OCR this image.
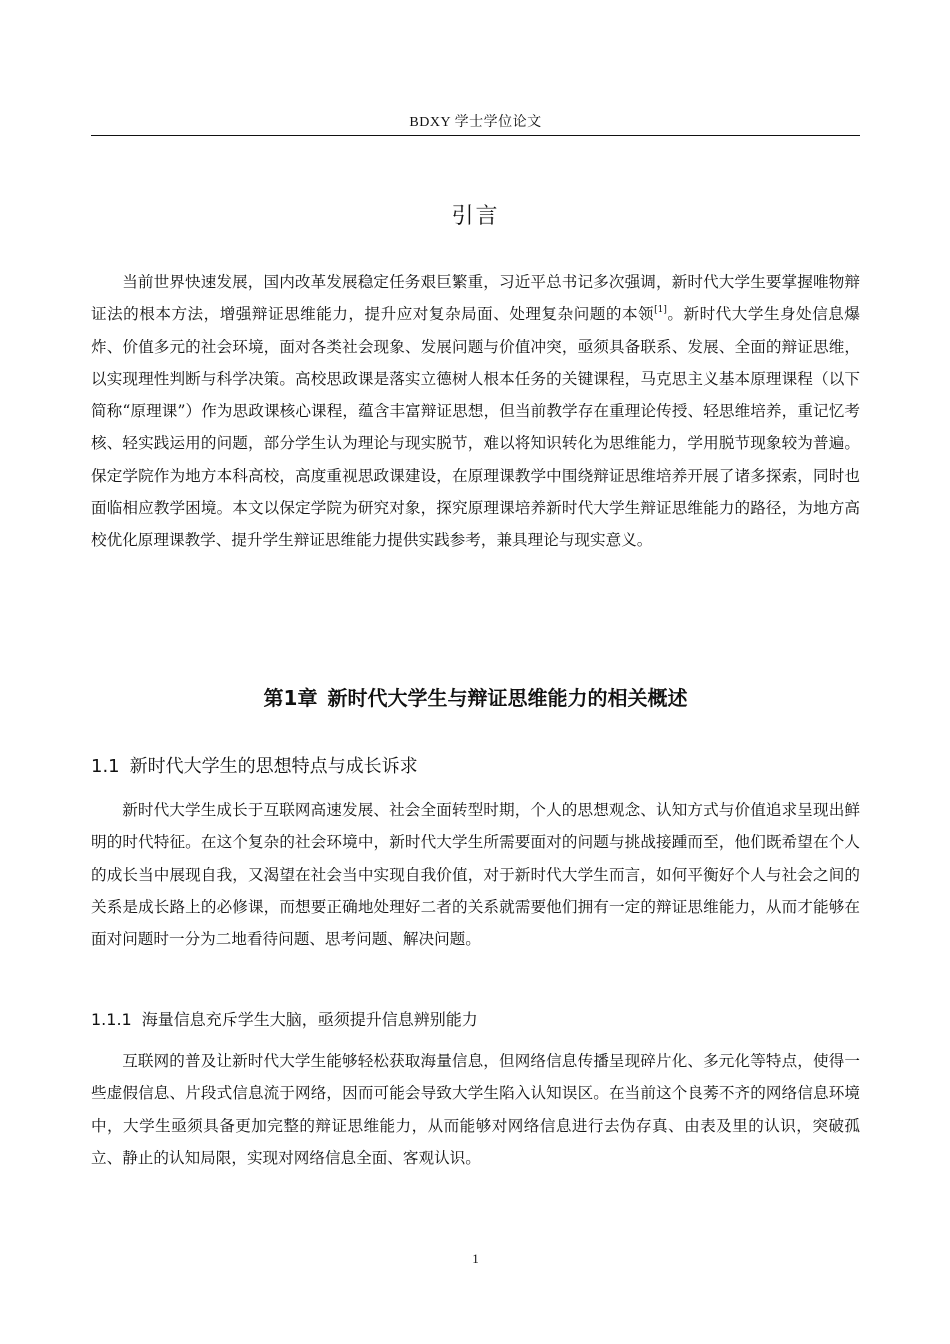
BDXY 学士学位论文
引言

当前世界快速发展，国内改革发展稳定任务艰巨繁重，习近平总书记多次强调，新时代大学生要掌握唯物辩证法的根本方法，增强辩证思维能力，提升应对复杂局面、处理复杂问题的本领[1]。新时代大学生身处信息爆炸、价值多元的社会环境，面对各类社会现象、发展问题与价值冲突，亟须具备联系、发展、全面的辩证思维，以实现理性判断与科学决策。高校思政课是落实立德树人根本任务的关键课程，马克思主义基本原理课程（以下简称“原理课”）作为思政课核心课程，蕴含丰富辩证思想，但当前教学存在重理论传授、轻思维培养，重记忆考核、轻实践运用的问题，部分学生认为理论与现实脱节，难以将知识转化为思维能力，学用脱节现象较为普遍。保定学院作为地方本科高校，高度重视思政课建设，在原理课教学中围绕辩证思维培养开展了诸多探索，同时也面临相应教学困境。本文以保定学院为研究对象，探究原理课培养新时代大学生辩证思维能力的路径，为地方高校优化原理课教学、提升学生辩证思维能力提供实践参考，兼具理论与现实意义。

第1章 新时代大学生与辩证思维能力的相关概述
1.1 新时代大学生的思想特点与成长诉求

新时代大学生成长于互联网高速发展、社会全面转型时期，个人的思想观念、认知方式与价值追求呈现出鲜明的时代特征。在这个复杂的社会环境中，新时代大学生所需要面对的问题与挑战接踵而至，他们既希望在个人的成长当中展现自我，又渴望在社会当中实现自我价值，对于新时代大学生而言，如何平衡好个人与社会之间的关系是成长路上的必修课，而想要正确地处理好二者的关系就需要他们拥有一定的辩证思维能力，从而才能够在面对问题时一分为二地看待问题、思考问题、解决问题。

1.1.1 海量信息充斥学生大脑，亟须提升信息辨别能力

互联网的普及让新时代大学生能够轻松获取海量信息，但网络信息传播呈现碎片化、多元化等特点，使得一些虚假信息、片段式信息流于网络，因而可能会导致大学生陷入认知误区。在当前这个良莠不齐的网络信息环境中，大学生亟须具备更加完整的辩证思维能力，从而能够对网络信息进行去伪存真、由表及里的认识，突破孤立、静止的认知局限，实现对网络信息全面、客观认识。

1
